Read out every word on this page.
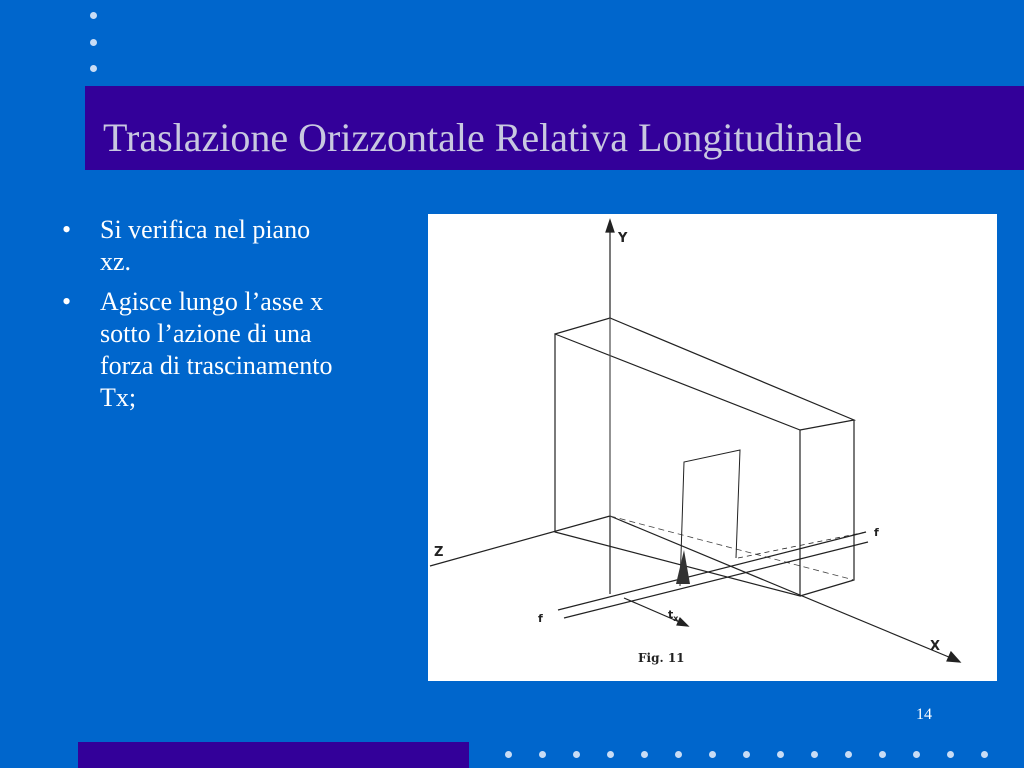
Traslazione Orizzontale Relativa Longitudinale
• Si verifica nel piano xz.
• Agisce lungo l’asse x sotto l’azione di una forza di trascinamento Tx;
Y
Z
X
f
f
$t_x$
Fig. 11
14
